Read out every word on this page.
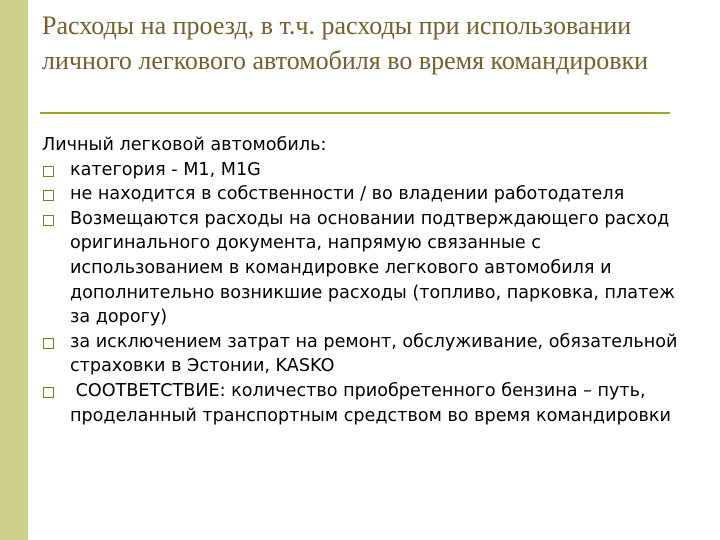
Расходы на проезд, в т.ч. расходы при использовании личного легкового автомобиля во время командировки

Личный легковой автомобиль:

категория - M1, M1G
не находится в собственности / во владении работодателя
Возмещаются расходы на основании подтверждающего расход оригинального документа, напрямую связанные с использованием в командировке легкового автомобиля и дополнительно возникшие расходы (топливо, парковка, платеж за дорогу)
за исключением затрат на ремонт, обслуживание, обязательной страховки в Эстонии, KASKO
СООТВЕТСТВИЕ: количество приобретенного бензина – путь, проделанный транспортным средством во время командировки
